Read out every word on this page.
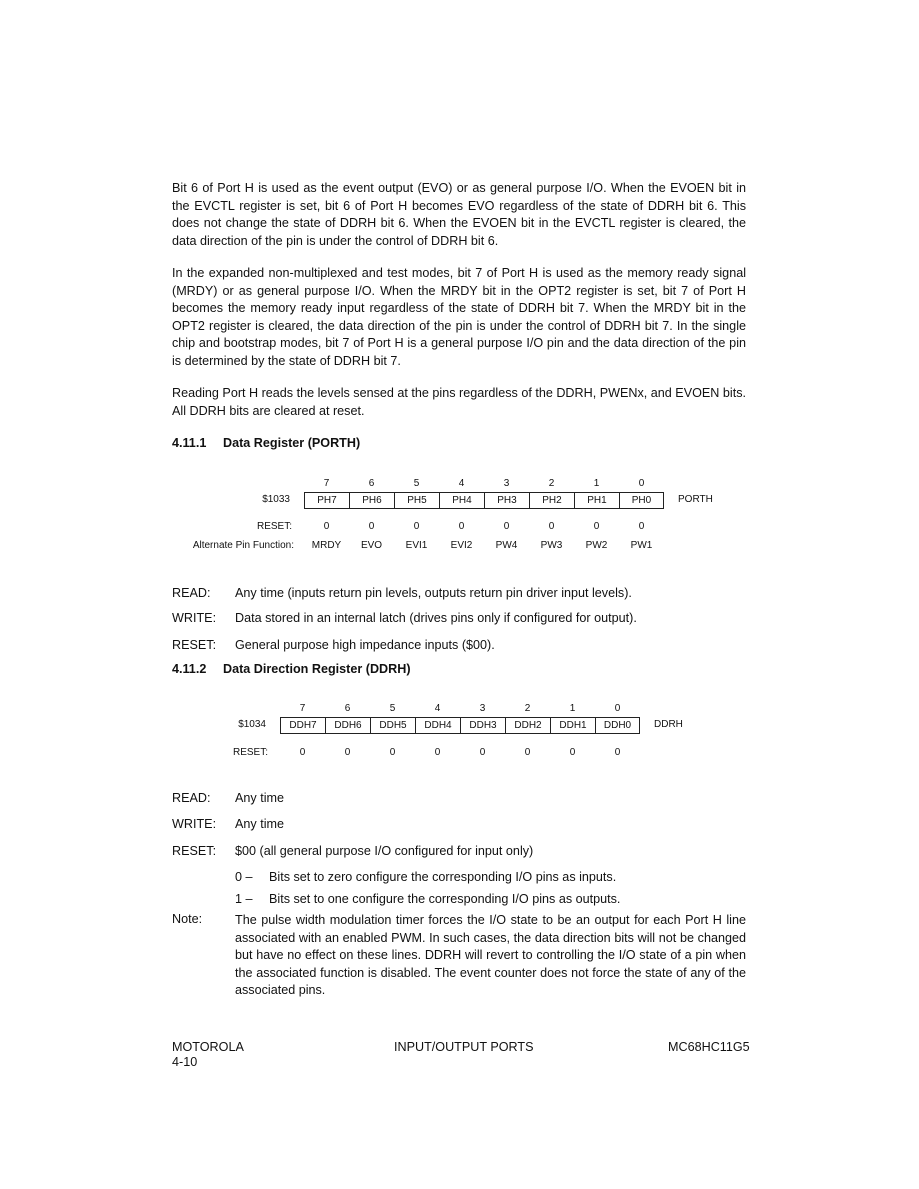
Bit 6 of Port H is used as the event output (EVO) or as general purpose I/O. When the EVOEN bit in the EVCTL register is set, bit 6 of Port H becomes EVO regardless of the state of DDRH bit 6. This does not change the state of DDRH bit 6. When the EVOEN bit in the EVCTL register is cleared, the data direction of the pin is under the control of DDRH bit 6.

In the expanded non-multiplexed and test modes, bit 7 of Port H is used as the memory ready signal (MRDY) or as general purpose I/O. When the MRDY bit in the OPT2 register is set, bit 7 of Port H becomes the memory ready input regardless of the state of DDRH bit 7. When the MRDY bit in the OPT2 register is cleared, the data direction of the pin is under the control of DDRH bit 7. In the single chip and bootstrap modes, bit 7 of Port H is a general purpose I/O pin and the data direction of the pin is determined by the state of DDRH bit 7.

Reading Port H reads the levels sensed at the pins regardless of the DDRH, PWENx, and EVOEN bits. All DDRH bits are cleared at reset.

4.11.1 Data Register (PORTH)
7	6	5	4	3	2	1	0
$1033	PH7	PH6	PH5	PH4	PH3	PH2	PH1	PH0	PORTH
RESET:	0	0	0	0	0	0	0	0
Alternate Pin Function:	MRDY	EVO	EVI1	EVI2	PW4	PW3	PW2	PW1

READ: Any time (inputs return pin levels, outputs return pin driver input levels).

WRITE: Data stored in an internal latch (drives pins only if configured for output).

RESET: General purpose high impedance inputs ($00).

4.11.2 Data Direction Register (DDRH)
7	6	5	4	3	2	1	0
$1034	DDH7	DDH6	DDH5	DDH4	DDH3	DDH2	DDH1	DDH0	DDRH
RESET:	0	0	0	0	0	0	0	0

READ: Any time

WRITE: Any time

RESET: $00 (all general purpose I/O configured for input only)

0 – Bits set to zero configure the corresponding I/O pins as inputs.

1 – Bits set to one configure the corresponding I/O pins as outputs.

Note:	The pulse width modulation timer forces the I/O state to be an output for each Port H line associated with an enabled PWM. In such cases, the data direction bits will not be changed but have no effect on these lines. DDRH will revert to controlling the I/O state of a pin when the associated function is disabled. The event counter does not force the state of any of the associated pins.

MOTOROLA
4-10
INPUT/OUTPUT PORTS	MC68HC11G5
